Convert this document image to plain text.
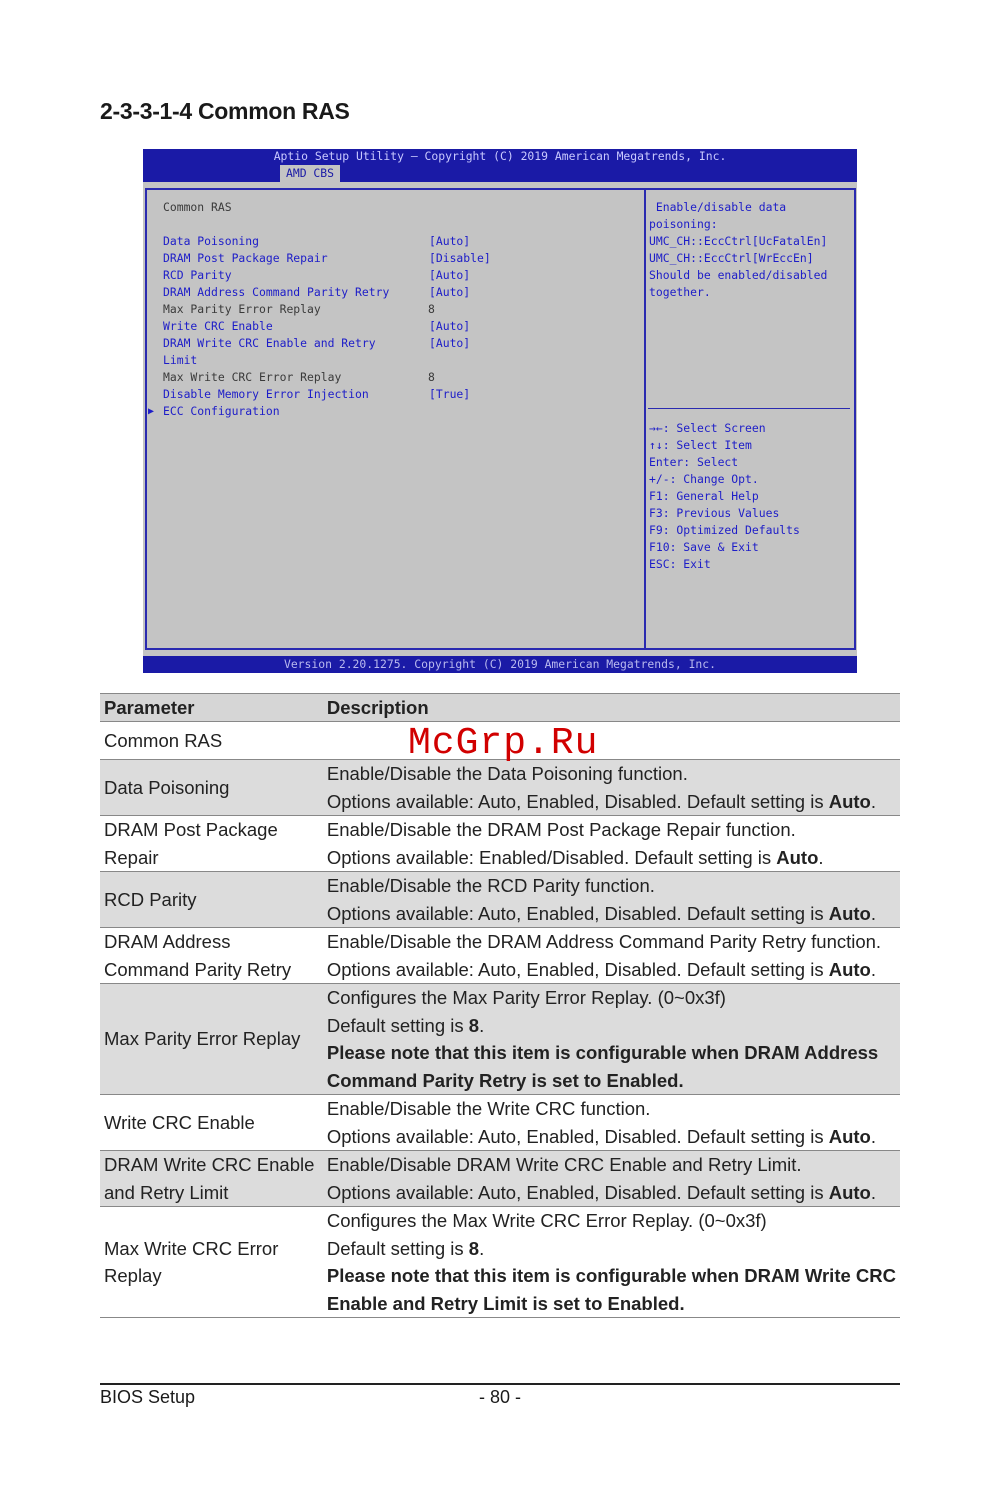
2-3-3-1-4 Common RAS
Aptio Setup Utility – Copyright (C) 2019 American Megatrends, Inc.
AMD CBS
Common RAS
Data Poisoning	[Auto]
DRAM Post Package Repair	[Disable]
RCD Parity	[Auto]
DRAM Address Command Parity Retry	[Auto]
Max Parity Error Replay	8
Write CRC Enable	[Auto]
DRAM Write CRC Enable and Retry	[Auto]
Limit
Max Write CRC Error Replay	8
Disable Memory Error Injection	[True]
▶ ECC Configuration
Enable/disable data
poisoning:
UMC_CH::EccCtrl[UcFatalEn]
UMC_CH::EccCtrl[WrEccEn]
Should be enabled/disabled
together.
→←: Select Screen
↑↓: Select Item
Enter: Select
+/-: Change Opt.
F1: General Help
F3: Previous Values
F9: Optimized Defaults
F10: Save & Exit
ESC: Exit
Version 2.20.1275. Copyright (C) 2019 American Megatrends, Inc.
Parameter	Description
Common RAS	
Data Poisoning	Enable/Disable the Data Poisoning function.
Options available: Auto, Enabled, Disabled. Default setting is Auto.

DRAM Post Package Repair	Enable/Disable the DRAM Post Package Repair function.
Options available: Enabled/Disabled. Default setting is Auto.

RCD Parity	Enable/Disable the RCD Parity function.
Options available: Auto, Enabled, Disabled. Default setting is Auto.

DRAM Address Command Parity Retry	Enable/Disable the DRAM Address Command Parity Retry function.
Options available: Auto, Enabled, Disabled. Default setting is Auto.

Max Parity Error Replay	Configures the Max Parity Error Replay. (0~0x3f)
Default setting is 8.
Please note that this item is configurable when DRAM Address
Command Parity Retry is set to Enabled.

Write CRC Enable	Enable/Disable the Write CRC function.
Options available: Auto, Enabled, Disabled. Default setting is Auto.

DRAM Write CRC Enable and Retry Limit	Enable/Disable DRAM Write CRC Enable and Retry Limit.
Options available: Auto, Enabled, Disabled. Default setting is Auto.

Max Write CRC Error Replay	Configures the Max Write CRC Error Replay. (0~0x3f)
Default setting is 8.
Please note that this item is configurable when DRAM Write CRC
Enable and Retry Limit is set to Enabled.
McGrp.Ru
BIOS Setup	- 80 -
